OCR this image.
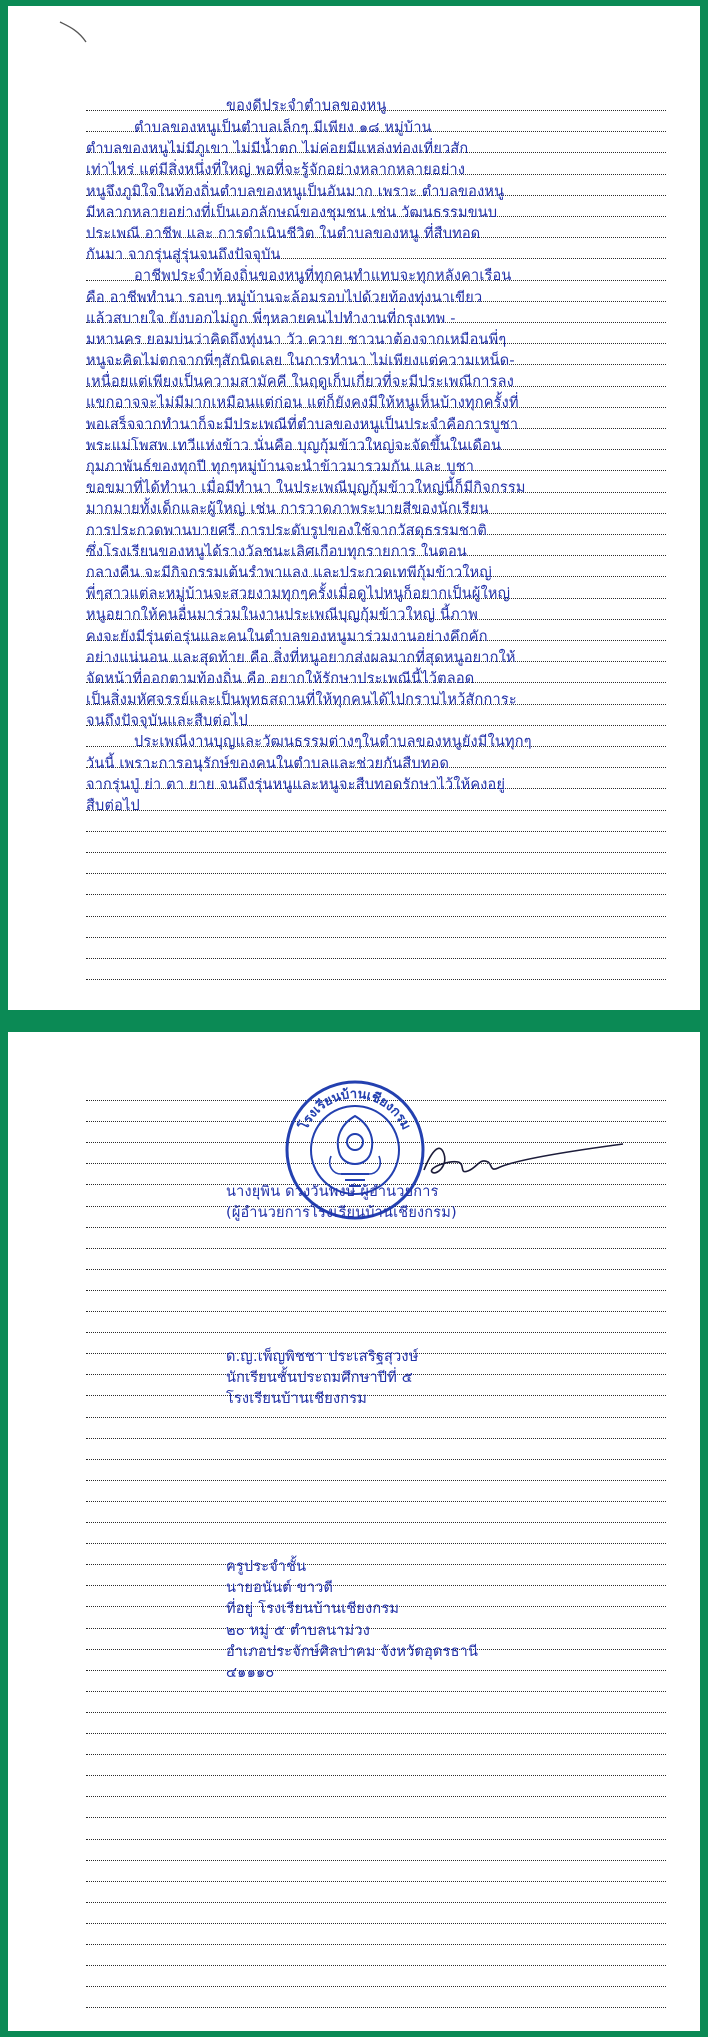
ของดีประจำตำบลของหนู
ตำบลของหนูเป็นตำบลเล็กๆ มีเพียง ๑๘ หมู่บ้าน
ตำบลของหนูไม่มีภูเขา ไม่มีน้ำตก ไม่ค่อยมีแหล่งท่องเที่ยวสัก
เท่าไหร่ แต่มีสิ่งหนึ่งที่ใหญ่ พอที่จะรู้จักอย่างหลากหลายอย่าง
หนูจึงภูมิใจในท้องถิ่นตำบลของหนูเป็นอันมาก เพราะ ตำบลของหนู
มีหลากหลายอย่างที่เป็นเอกลักษณ์ของชุมชน เช่น วัฒนธรรมขนบ
ประเพณี อาชีพ และ การดำเนินชีวิต ในตำบลของหนู ที่สืบทอด
กันมา จากรุ่นสู่รุ่นจนถึงปัจจุบัน
อาชีพประจำท้องถิ่นของหนูที่ทุกคนทำแทบจะทุกหลังคาเรือน
คือ อาชีพทำนา รอบๆ หมู่บ้านจะล้อมรอบไปด้วยท้องทุ่งนาเขียว
แล้วสบายใจ ยังบอกไม่ถูก พี่ๆหลายคนไปทำงานที่กรุงเทพ -
มหานคร ยอมบ่นว่าคิดถึงทุ่งนา วัว ควาย ชาวนาต้องจากเหมือนพี่ๆ
หนูจะคิดไม่ตกจากพี่ๆสักนิดเลย ในการทำนา ไม่เพียงแต่ความเหน็ด-
เหนื่อยแต่เพียงเป็นความสามัคคี ในฤดูเก็บเกี่ยวที่จะมีประเพณีการลง
แขกอาจจะไม่มีมากเหมือนแต่ก่อน แต่ก็ยังคงมีให้หนูเห็นบ้างทุกครั้งที่
พอเสร็จจากทำนาก็จะมีประเพณีที่ตำบลของหนูเป็นประจำคือการบูชา
พระแม่โพสพ เทวีแห่งข้าว นั่นคือ บุญกุ้มข้าวใหญ่จะจัดขึ้นในเดือน
กุมภาพันธ์ของทุกปี ทุกๆหมู่บ้านจะนำข้าวมารวมกัน และ บูชา
ขอขมาที่ได้ทำนา เมื่อมีทำนา ในประเพณีบุญกุ้มข้าวใหญ่นี้ก็มีกิจกรรม
มากมายทั้งเด็กและผู้ใหญ่ เช่น การวาดภาพระบายสีของนักเรียน
การประกวดพานบายศรี การประดับรูปของใช้จากวัสดุธรรมชาติ
ซึ่งโรงเรียนของหนูได้รางวัลชนะเลิศเกือบทุกรายการ ในตอน
กลางคืน จะมีกิจกรรมเต้นรำพาแลง และประกวดเทพีกุ้มข้าวใหญ่
พี่ๆสาวแต่ละหมู่บ้านจะสวยงามทุกๆครั้งเมื่อดูไปหนูก็อยากเป็นผู้ใหญ่
หนูอยากให้คนอื่นมาร่วมในงานประเพณีบุญกุ้มข้าวใหญ่ นี้ภาพ
คงจะยังมีรุ่นต่อรุ่นและคนในตำบลของหนูมาร่วมงานอย่างคึกคัก
อย่างแน่นอน และสุดท้าย คือ สิ่งที่หนูอยากส่งผลมากที่สุดหนูอยากให้
จัดหน้าที่ออกตามท้องถิ่น คือ อยากให้รักษาประเพณีนี้ไว้ตลอด
เป็นสิ่งมหัศจรรย์และเป็นพุทธสถานที่ให้ทุกคนได้ไปกราบไหว้สักการะ
จนถึงปัจจุบันและสืบต่อไป
ประเพณีงานบุญและวัฒนธรรมต่างๆในตำบลของหนูยังมีในทุกๆ
วันนี้ เพราะการอนุรักษ์ของคนในตำบลและช่วยกันสืบทอด
จากรุ่นปู่ ย่า ตา ยาย จนถึงรุ่นหนูและหนูจะสืบทอดรักษาไว้ให้คงอยู่
สืบต่อไป
โรงเรียนบ้านเชียงกรม
นางยุพิน ดวงวันพงษ์ ผู้อำนวยการ
(ผู้อำนวยการโรงเรียนบ้านเชียงกรม)
ด.ญ.เพ็ญพิชชา ประเสริฐสุวงษ์
นักเรียนชั้นประถมศึกษาปีที่ ๕
โรงเรียนบ้านเชียงกรม
ครูประจำชั้น
นายอนันต์ ขาวดี
ที่อยู่ โรงเรียนบ้านเชียงกรม
๒๐ หมู่ ๕ ตำบลนาม่วง
อำเภอประจักษ์ศิลปาคม จังหวัดอุดรธานี
๔๑๑๑๐
